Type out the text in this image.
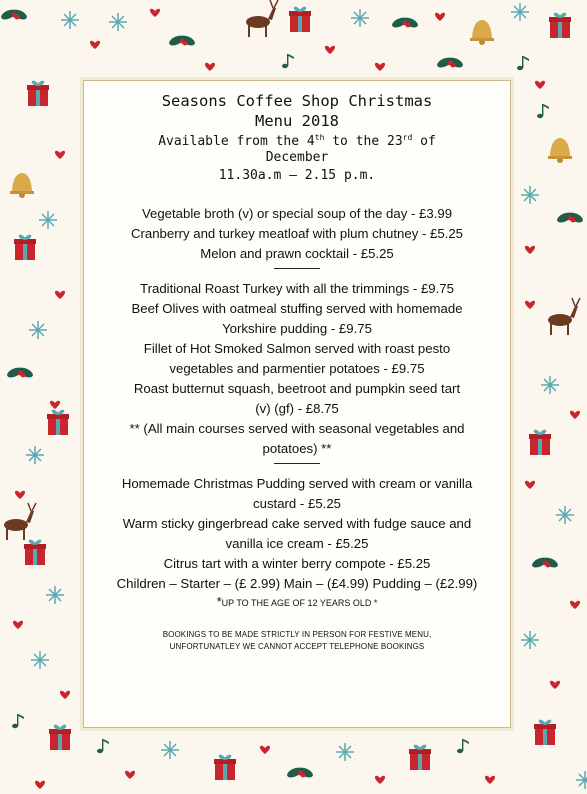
Seasons Coffee Shop Christmas
Menu 2018
Available from the 4th to the 23rd of
December
11.30a.m – 2.15 p.m.

Vegetable broth (v) or special soup of the day - £3.99

Cranberry and turkey meatloaf with plum chutney - £5.25

Melon and prawn cocktail - £5.25

Traditional Roast Turkey with all the trimmings - £9.75

Beef Olives with oatmeal stuffing served with homemade

Yorkshire pudding - £9.75

Fillet of Hot Smoked Salmon served with roast pesto

vegetables and parmentier potatoes - £9.75

Roast butternut squash, beetroot and pumpkin seed tart

(v) (gf) - £8.75

** (All main courses served with seasonal vegetables and

potatoes) **

Homemade Christmas Pudding served with cream or vanilla

custard - £5.25

Warm sticky gingerbread cake served with fudge sauce and

vanilla ice cream - £5.25

Citrus tart with a winter berry compote - £5.25

Children – Starter – (£ 2.99) Main – (£4.99) Pudding – (£2.99)

*UP TO THE AGE OF 12 YEARS OLD *
BOOKINGS TO BE MADE STRICTLY IN PERSON FOR FESTIVE MENU,
UNFORTUNATLEY WE CANNOT ACCEPT TELEPHONE BOOKINGS
